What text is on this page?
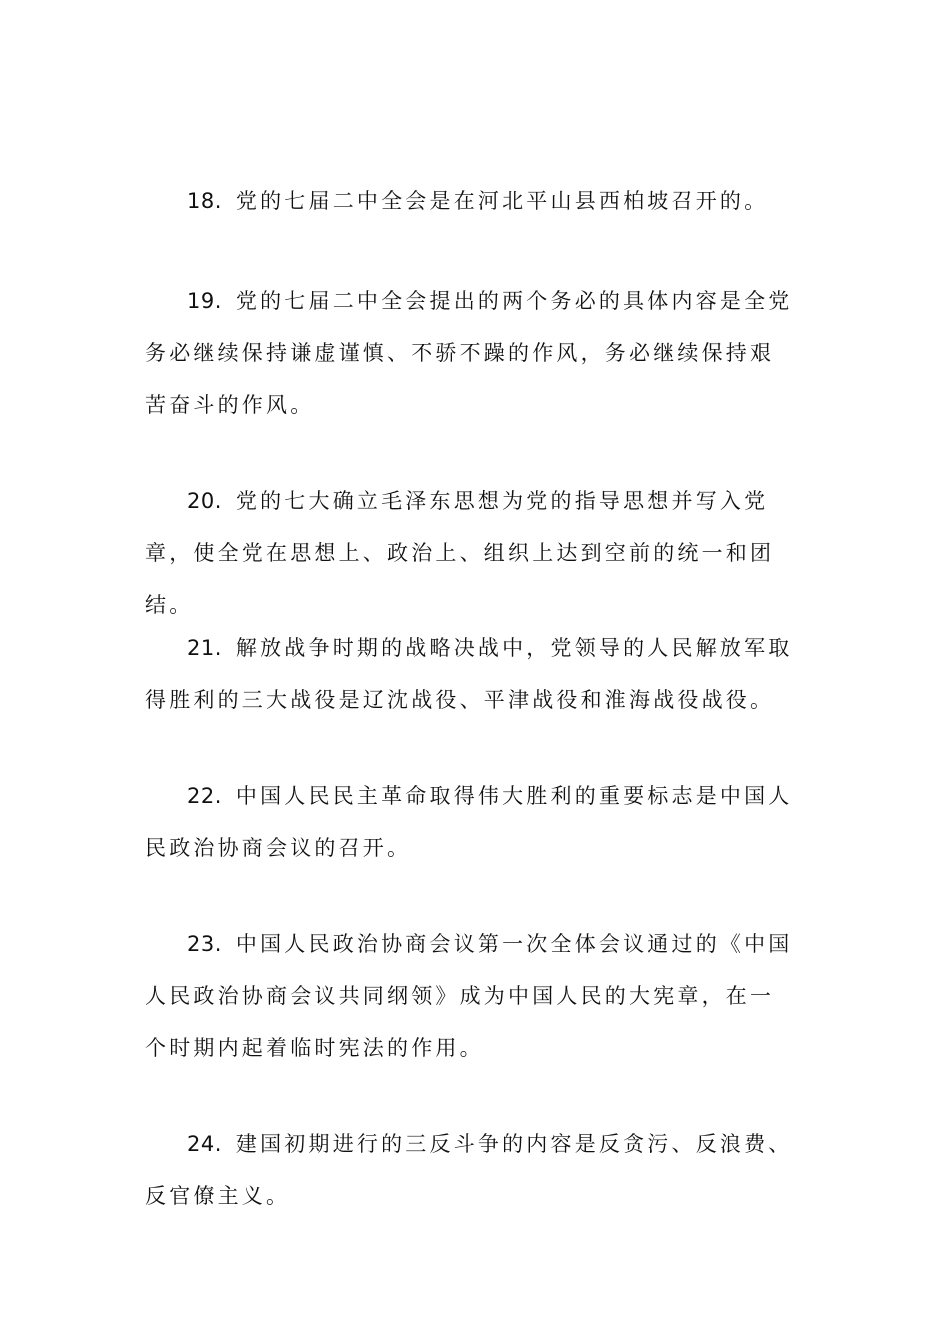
18. 党的七届二中全会是在河北平山县西柏坡召开的。

19. 党的七届二中全会提出的两个务必的具体内容是全党务必继续保持谦虚谨慎、不骄不躁的作风，务必继续保持艰苦奋斗的作风。

20. 党的七大确立毛泽东思想为党的指导思想并写入党章，使全党在思想上、政治上、组织上达到空前的统一和团结。

21. 解放战争时期的战略决战中，党领导的人民解放军取得胜利的三大战役是辽沈战役、平津战役和淮海战役战役。

22. 中国人民民主革命取得伟大胜利的重要标志是中国人民政治协商会议的召开。

23. 中国人民政治协商会议第一次全体会议通过的《中国人民政治协商会议共同纲领》成为中国人民的大宪章，在一个时期内起着临时宪法的作用。

24. 建国初期进行的三反斗争的内容是反贪污、反浪费、反官僚主义。
